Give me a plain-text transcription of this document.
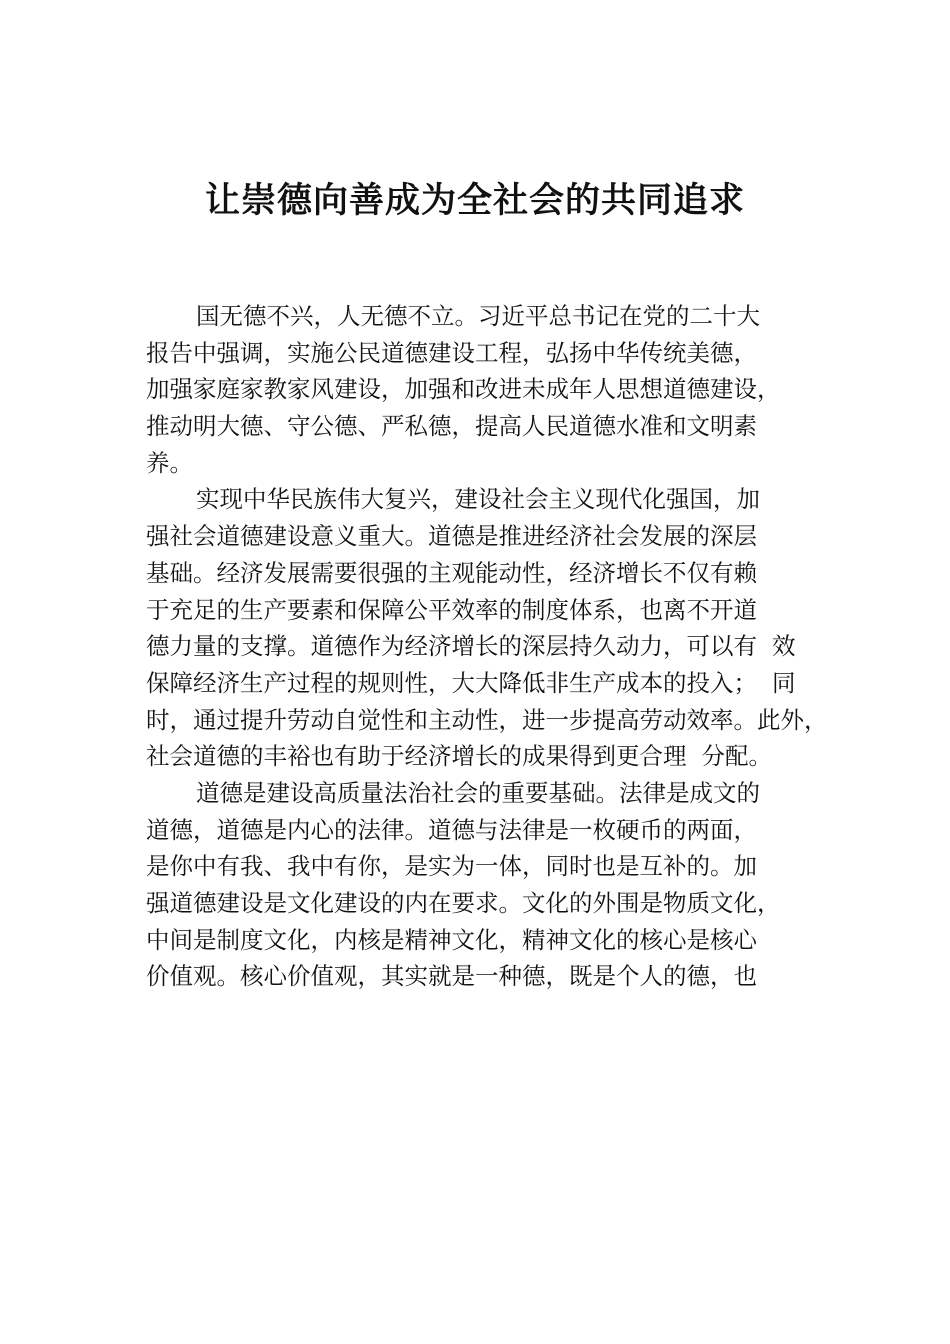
让崇德向善成为全社会的共同追求

国无德不兴，人无德不立。习近平总书记在党的二十大
报告中强调，实施公民道德建设工程，弘扬中华传统美德，
加强家庭家教家风建设，加强和改进未成年人思想道德建设，
推动明大德、守公德、严私德，提高人民道德水准和文明素
养。

实现中华民族伟大复兴，建设社会主义现代化强国，加
强社会道德建设意义重大。道德是推进经济社会发展的深层
基础。经济发展需要很强的主观能动性，经济增长不仅有赖
于充足的生产要素和保障公平效率的制度体系，也离不开道
德力量的支撑。道德作为经济增长的深层持久动力，可以有  效
保障经济生产过程的规则性，大大降低非生产成本的投入；  同
时，通过提升劳动自觉性和主动性，进一步提高劳动效率。此外，
社会道德的丰裕也有助于经济增长的成果得到更合理  分配。

道德是建设高质量法治社会的重要基础。法律是成文的
道德，道德是内心的法律。道德与法律是一枚硬币的两面，
是你中有我、我中有你，是实为一体，同时也是互补的。加
强道德建设是文化建设的内在要求。文化的外围是物质文化，
中间是制度文化，内核是精神文化，精神文化的核心是核心
价值观。核心价值观，其实就是一种德，既是个人的德，也
